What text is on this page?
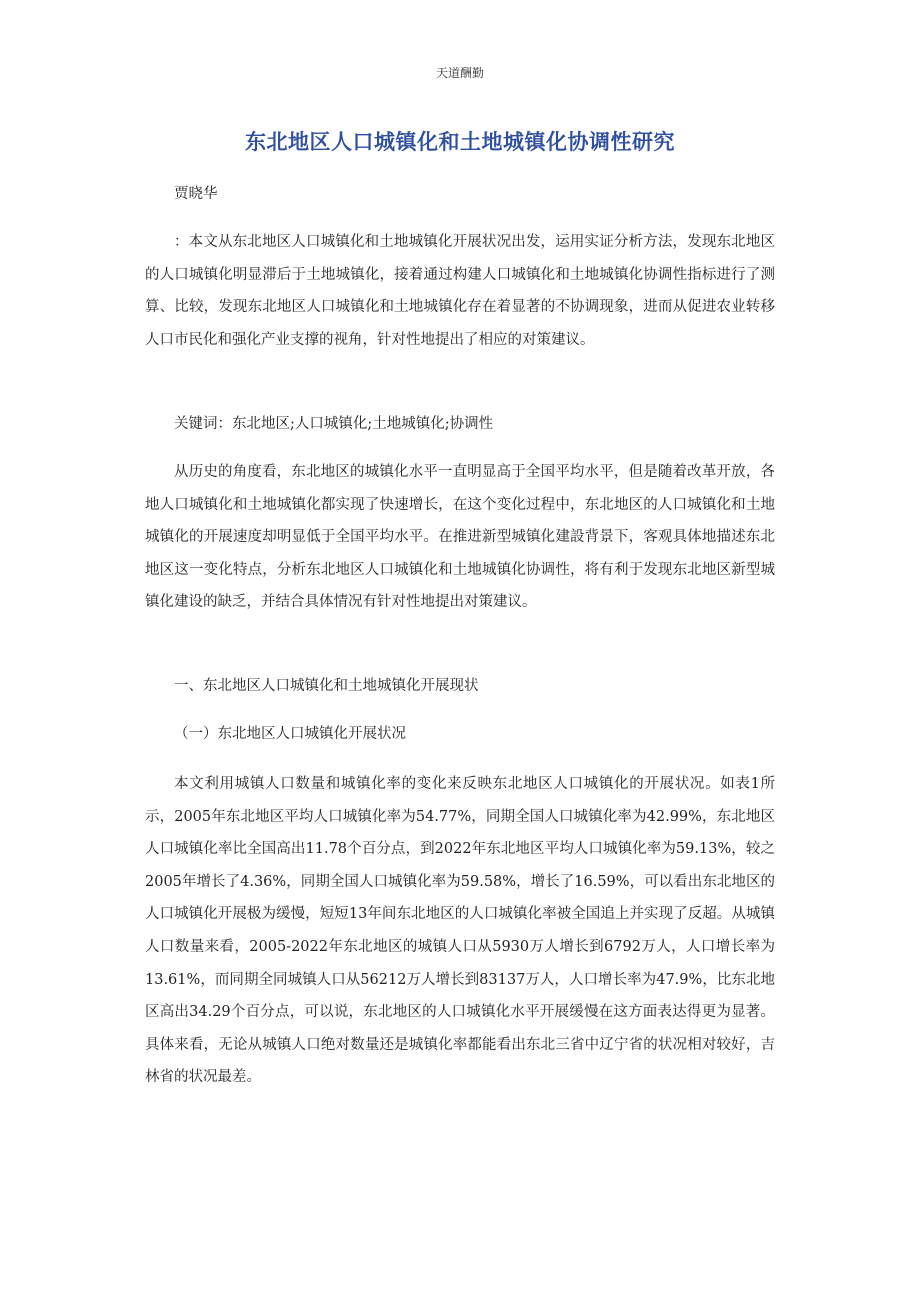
天道酬勤
东北地区人口城镇化和土地城镇化协调性研究

贾晓华

：本文从东北地区人口城镇化和土地城镇化开展状况出发，运用实证分析方法，发现东北地区的人口城镇化明显滞后于土地城镇化，接着通过构建人口城镇化和土地城镇化协调性指标进行了测算、比较，发现东北地区人口城镇化和土地城镇化存在着显著的不协调现象，进而从促进农业转移人口市民化和强化产业支撑的视角，针对性地提出了相应的对策建议。

关键词：东北地区;人口城镇化;土地城镇化;协调性

从历史的角度看，东北地区的城镇化水平一直明显高于全国平均水平，但是随着改革开放，各地人口城镇化和土地城镇化都实现了快速增长，在这个变化过程中，东北地区的人口城镇化和土地城镇化的开展速度却明显低于全国平均水平。在推进新型城镇化建設背景下，客观具体地描述东北地区这一变化特点，分析东北地区人口城镇化和土地城镇化协调性，将有利于发现东北地区新型城镇化建设的缺乏，并结合具体情况有针对性地提出对策建议。

一、东北地区人口城镇化和土地城镇化开展现状

（一）东北地区人口城镇化开展状况

本文利用城镇人口数量和城镇化率的变化来反映东北地区人口城镇化的开展状况。如表1所示，2005年东北地区平均人口城镇化率为54.77%，同期全国人口城镇化率为42.99%，东北地区人口城镇化率比全国高出11.78个百分点，到2022年东北地区平均人口城镇化率为59.13%，较之2005年增长了4.36%，同期全国人口城镇化率为59.58%，增长了16.59%，可以看出东北地区的人口城镇化开展极为缓慢，短短13年间东北地区的人口城镇化率被全国追上并实现了反超。从城镇人口数量来看，2005-2022年东北地区的城镇人口从5930万人增长到6792万人，人口增长率为13.61%，而同期全同城镇人口从56212万人增长到83137万人，人口增长率为47.9%，比东北地区高出34.29个百分点，可以说，东北地区的人口城镇化水平开展缓慢在这方面表达得更为显著。具体来看，无论从城镇人口绝对数量还是城镇化率都能看出东北三省中辽宁省的状况相对较好，吉林省的状况最差。
